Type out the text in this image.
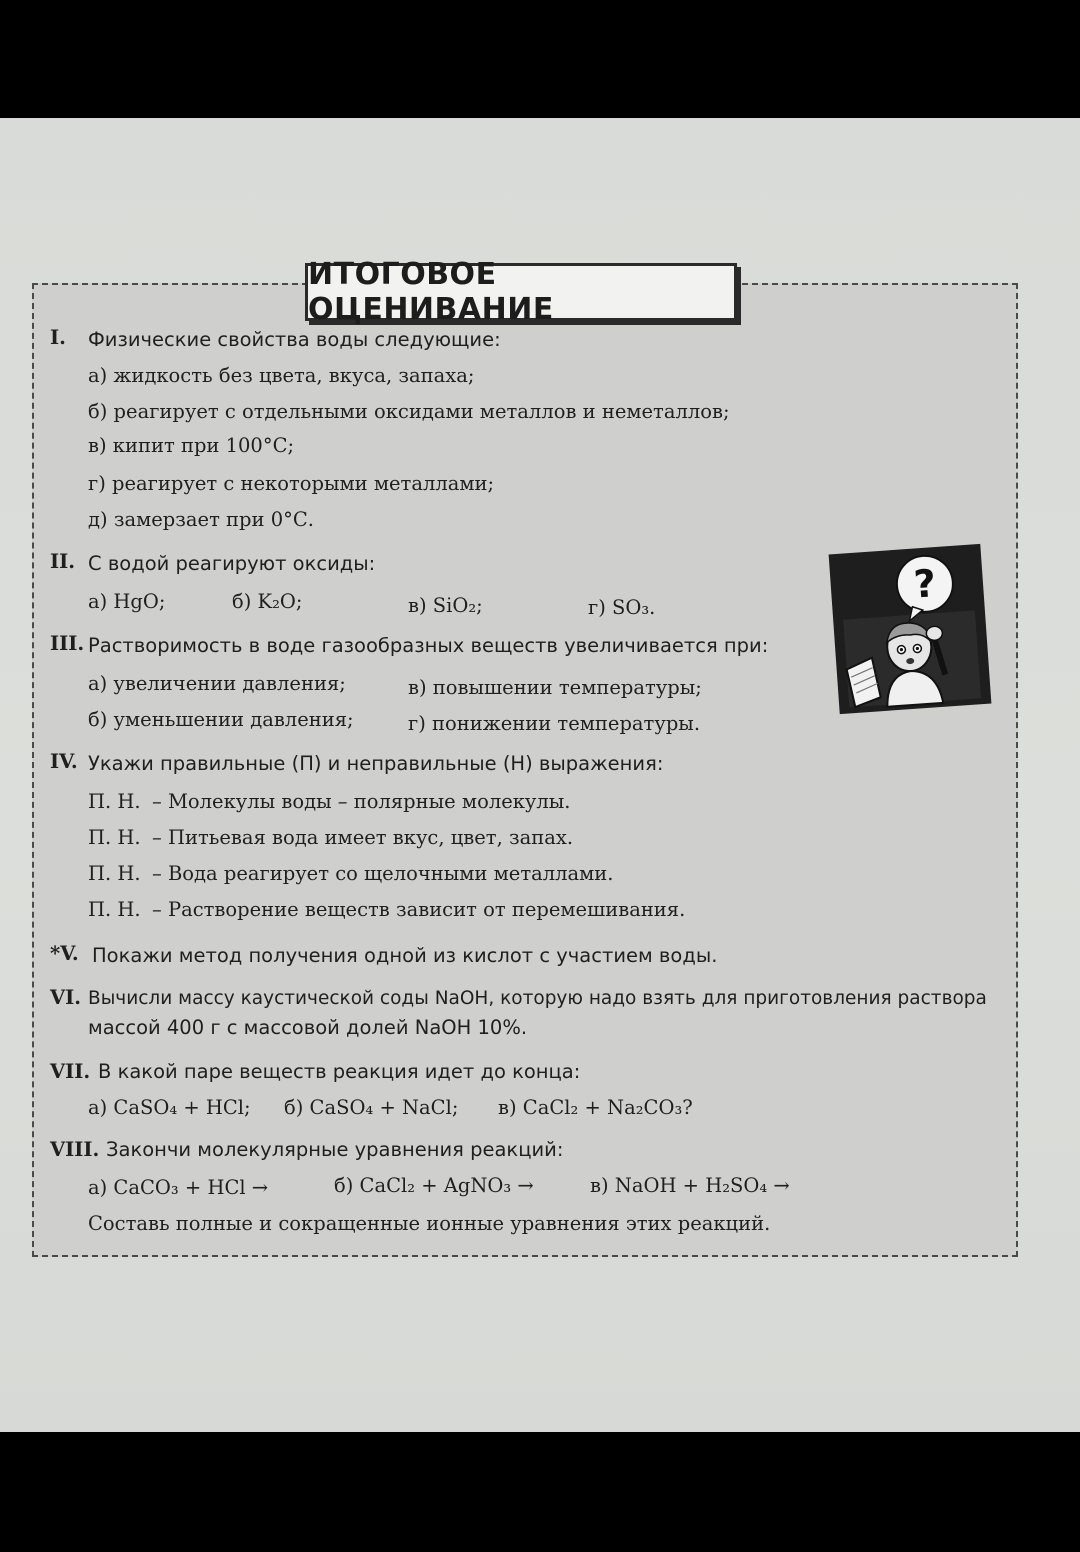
ИТОГОВОЕ ОЦЕНИВАНИЕ
I. Физические свойства воды следующие:
а) жидкость без цвета, вкуса, запаха;
б) реагирует с отдельными оксидами металлов и неметаллов;
в) кипит при 100°С;
г) реагирует с некоторыми металлами;
д) замерзает при 0°С.
II. С водой реагируют оксиды:
а) HgO;	б) K₂O;	в) SiO₂;	г) SO₃.
III. Растворимость в воде газообразных веществ увеличивается при:
а) увеличении давления;	в) повышении температуры;
б) уменьшении давления;	г) понижении температуры.
IV. Укажи правильные (П) и неправильные (Н) выражения:
П. Н. – Молекулы воды – полярные молекулы.
П. Н. – Питьевая вода имеет вкус, цвет, запах.
П. Н. – Вода реагирует со щелочными металлами.
П. Н. – Растворение веществ зависит от перемешивания.
*V. Покажи метод получения одной из кислот с участием воды.
VI. Вычисли массу каустической соды NaOH, которую надо взять для приготовления раствора
массой 400 г с массовой долей NaOH 10%.
VII. В какой паре веществ реакция идет до конца:
а) CaSO₄ + HCl; б) CaSO₄ + NaCl; в) CaCl₂ + Na₂CO₃?
VIII. Закончи молекулярные уравнения реакций:
а) CaCO₃ + HCl →	б) CaCl₂ + AgNO₃ →	в) NaOH + H₂SO₄ →
Составь полные и сокращенные ионные уравнения этих реакций.
?
